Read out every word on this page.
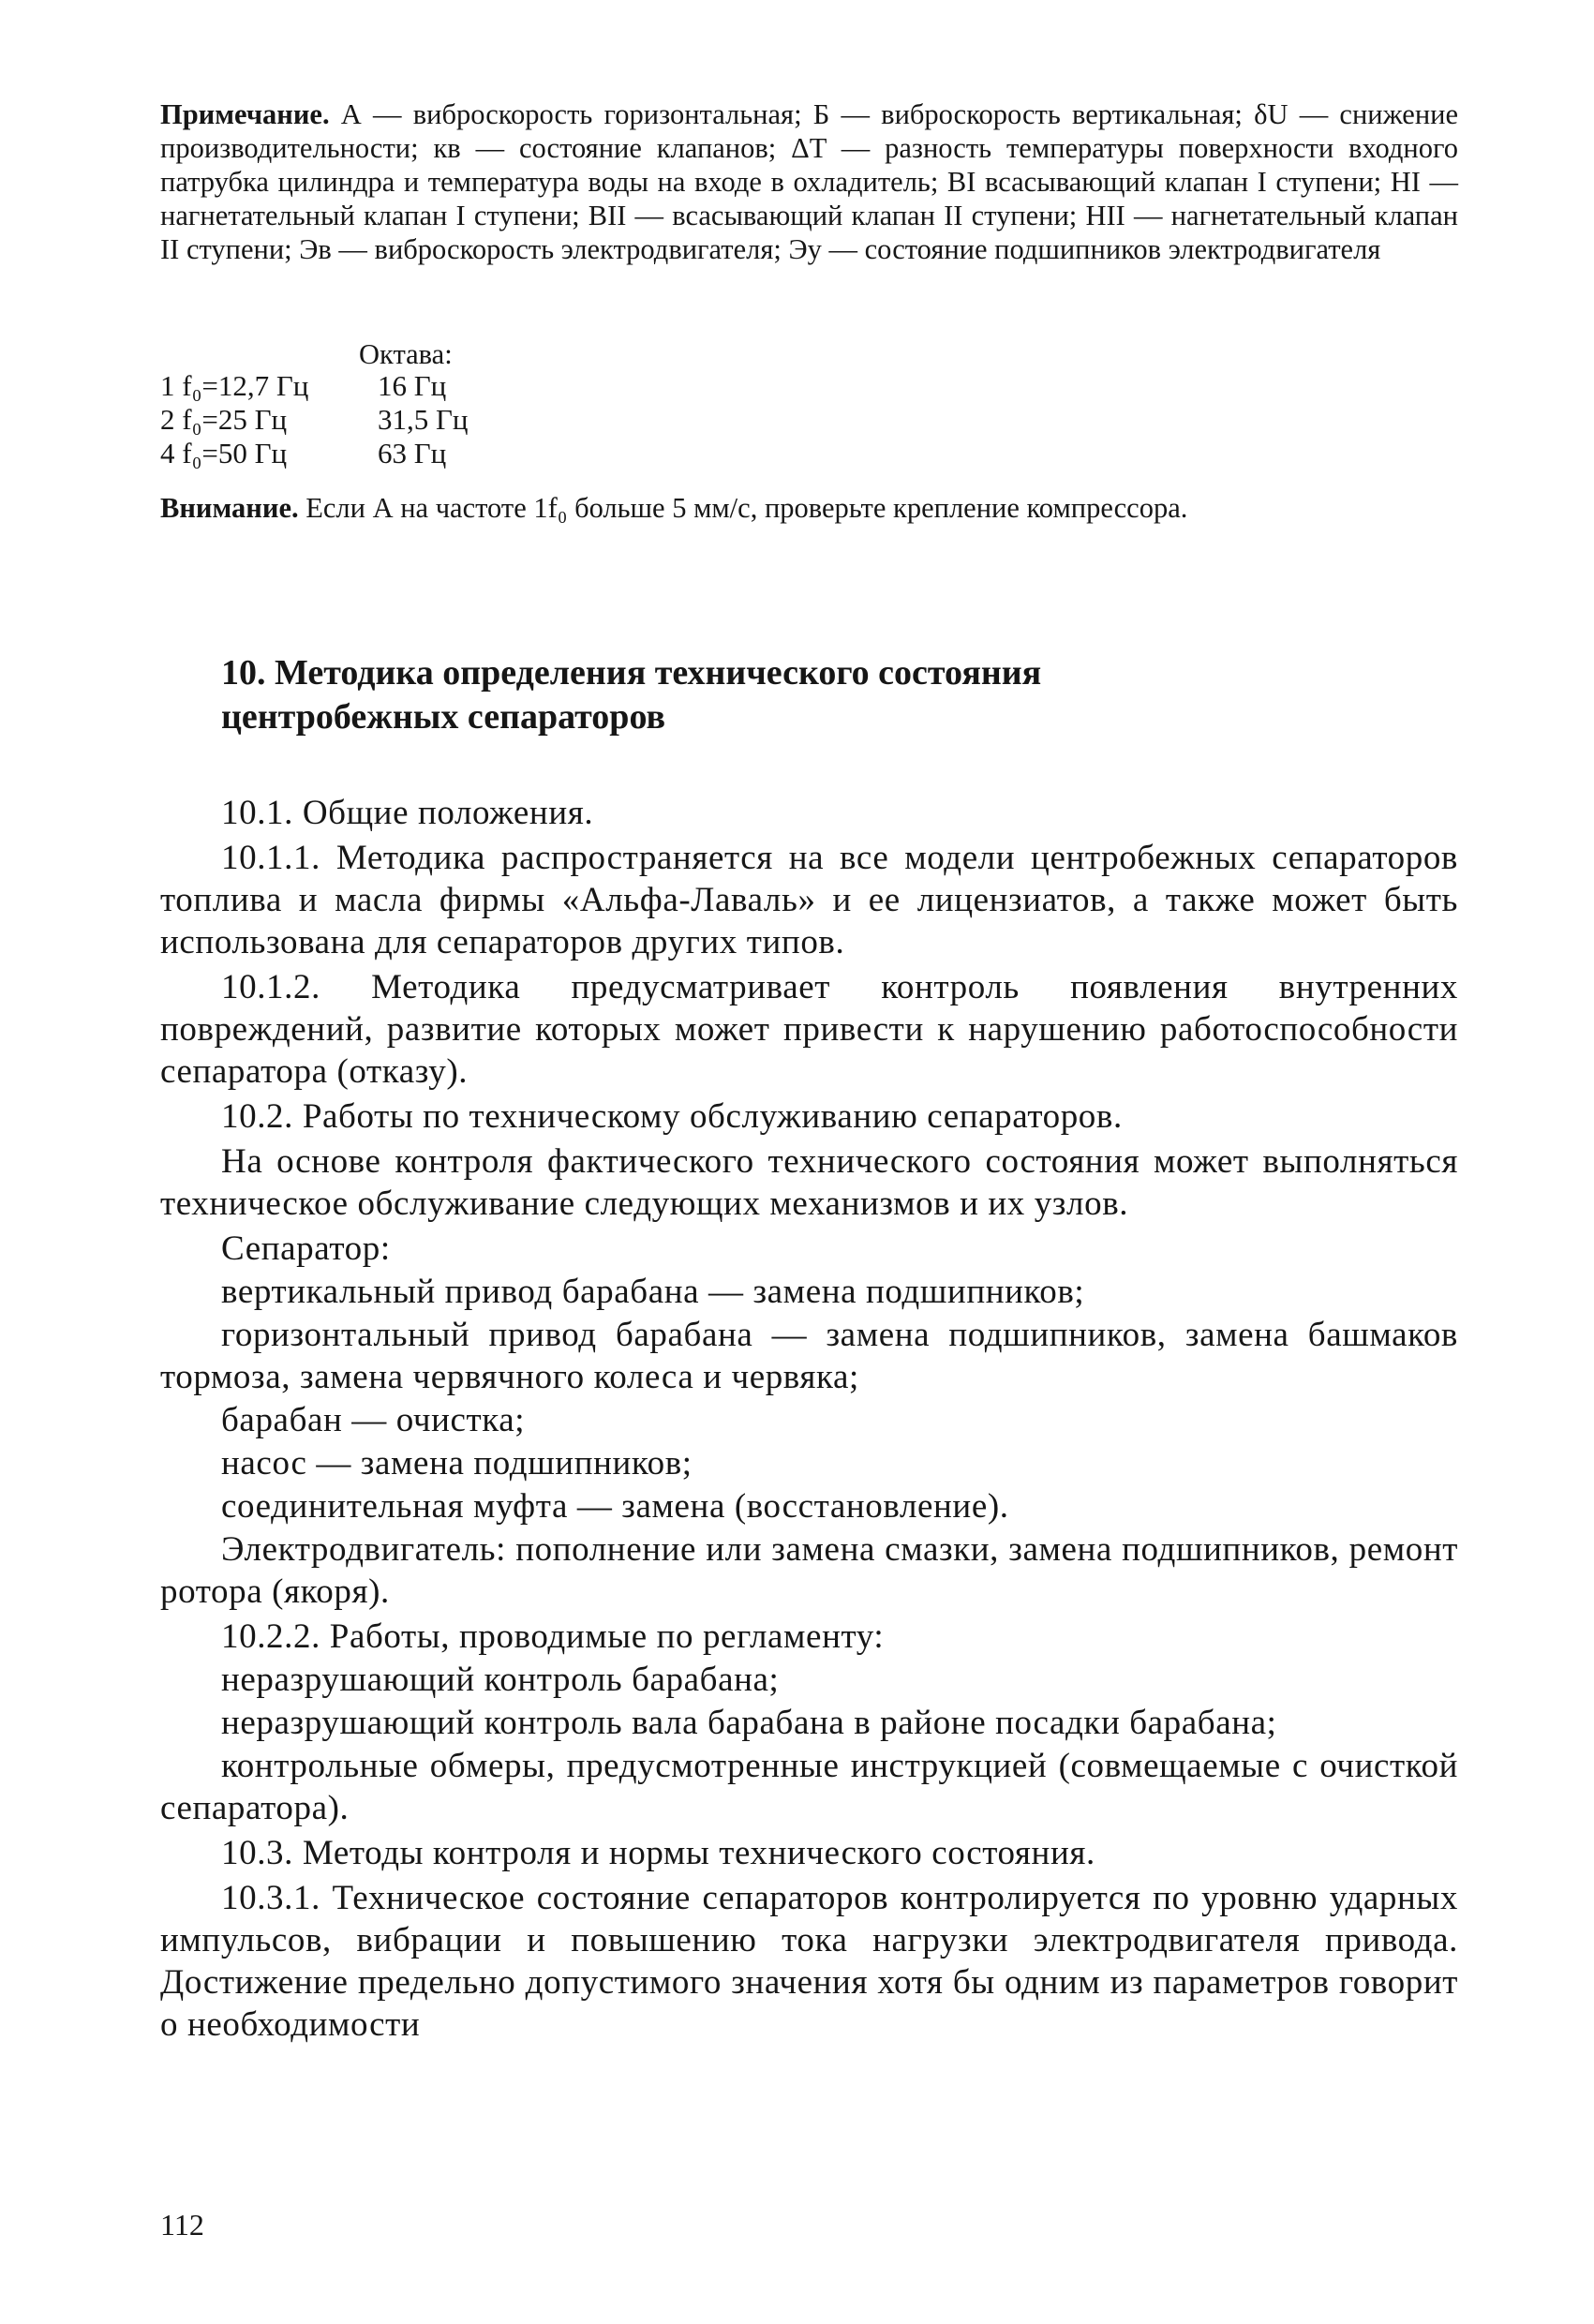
Примечание. А — виброскорость горизонтальная; Б — виброскорость вертикальная; δU — снижение производительности; кв — состояние клапанов; ΔT — разность температуры поверхности входного патрубка цилиндра и температура воды на входе в охладитель; BI всасывающий клапан I ступени; HI — нагнетательный клапан I ступени; BII — всасывающий клапан II ступени; HII — нагнетательный клапан II ступени; Эв — виброскорость электродвигателя; Эу — состояние подшипников электродвигателя

Октава:
1 f₀=12,7 Гц	16 Гц
2 f₀=25 Гц	31,5 Гц
4 f₀=50 Гц	63 Гц

Внимание. Если А на частоте 1f₀ больше 5 мм/с, проверьте крепление компрессора.

10. Методика определения технического состояния

центробежных сепараторов

10.1. Общие положения.

10.1.1. Методика распространяется на все модели центробежных сепараторов топлива и масла фирмы «Альфа-Лаваль» и ее лицензиатов, а также может быть использована для сепараторов других типов.

10.1.2. Методика предусматривает контроль появления внутренних повреждений, развитие которых может привести к нарушению работоспособности сепаратора (отказу).

10.2. Работы по техническому обслуживанию сепараторов.

На основе контроля фактического технического состояния может выполняться техническое обслуживание следующих механизмов и их узлов.

Сепаратор:

вертикальный привод барабана — замена подшипников;

горизонтальный привод барабана — замена подшипников, замена башмаков тормоза, замена червячного колеса и червяка;

барабан — очистка;

насос — замена подшипников;

соединительная муфта — замена (восстановление).

Электродвигатель: пополнение или замена смазки, замена подшипников, ремонт ротора (якоря).

10.2.2. Работы, проводимые по регламенту:

неразрушающий контроль барабана;

неразрушающий контроль вала барабана в районе посадки барабана;

контрольные обмеры, предусмотренные инструкцией (совмещаемые с очисткой сепаратора).

10.3. Методы контроля и нормы технического состояния.

10.3.1. Техническое состояние сепараторов контролируется по уровню ударных импульсов, вибрации и повышению тока нагрузки электродвигателя привода. Достижение предельно допустимого значения хотя бы одним из параметров говорит о необходимости

112
